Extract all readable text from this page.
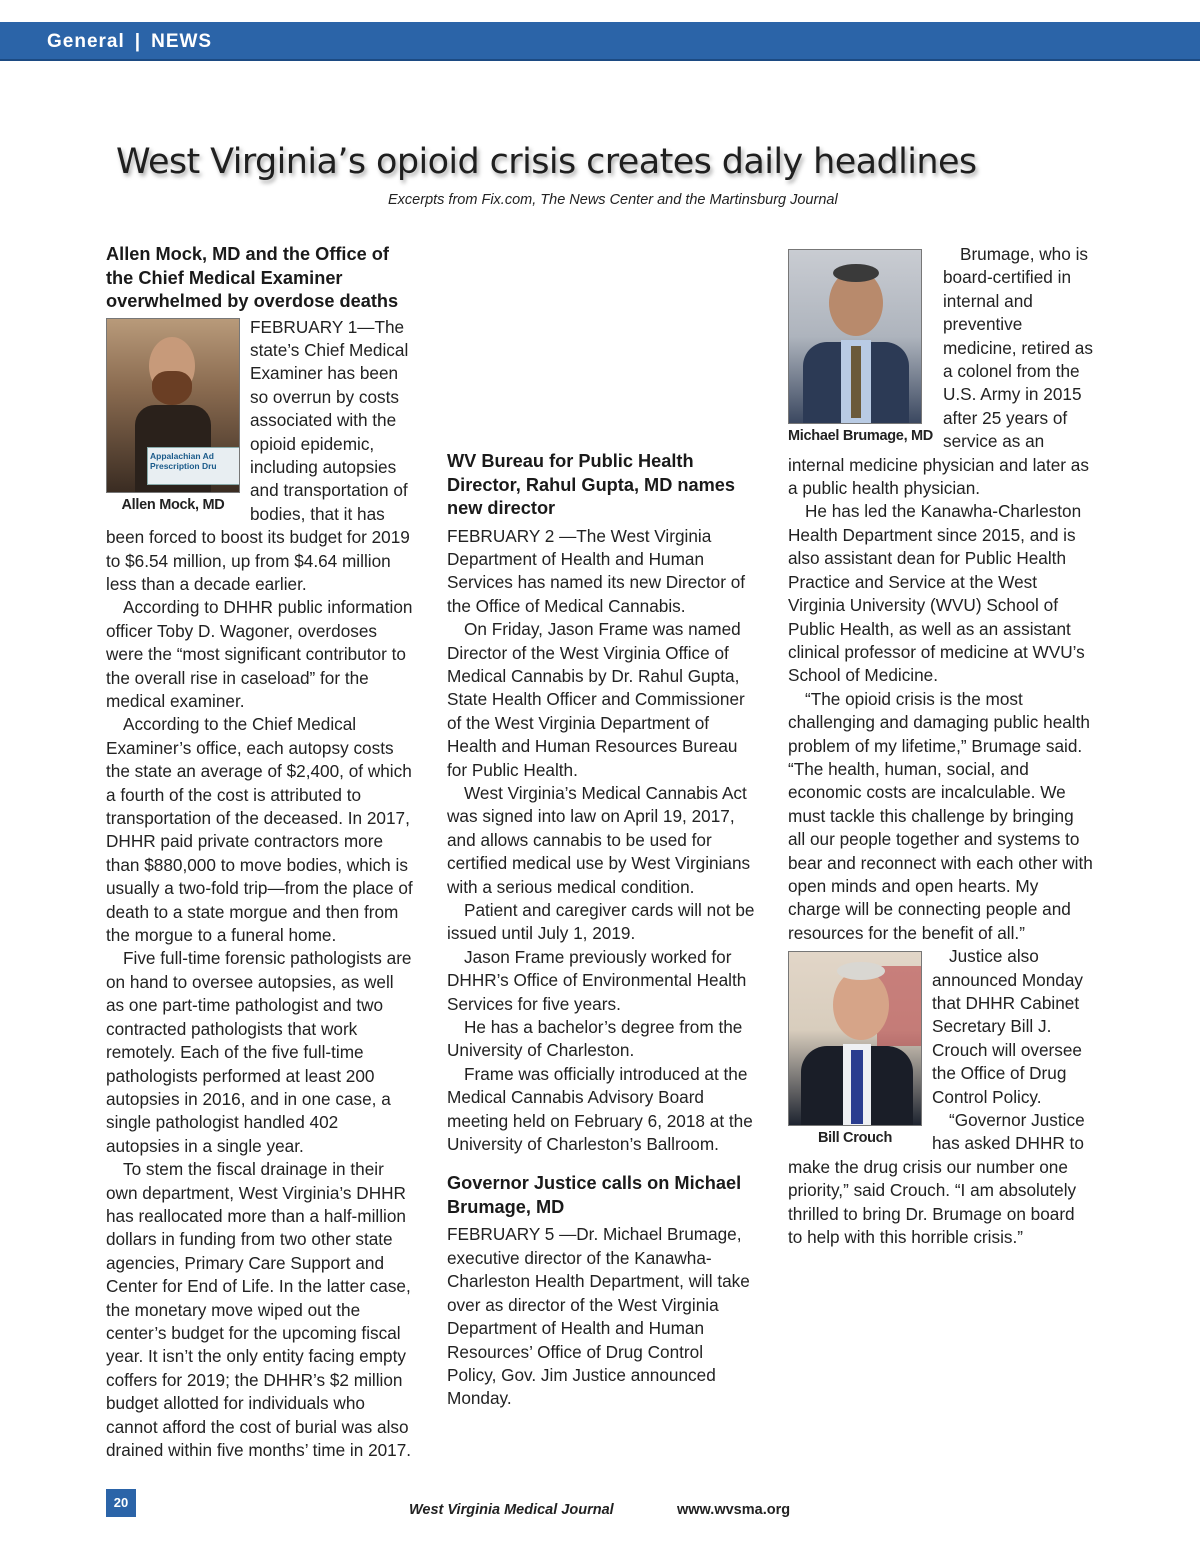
General | NEWS
West Virginia’s opioid crisis creates daily headlines
Excerpts from Fix.com, The News Center and the Martinsburg Journal
Allen Mock, MD and the Office of the Chief Medical Examiner overwhelmed by overdose deaths
Appalachian Ad Prescription Dru
Allen Mock, MD

FEBRUARY 1—The state’s Chief Medical Examiner has been so overrun by costs associated with the opioid epidemic, including autopsies and transportation of bodies, that it has been forced to boost its budget for 2019 to $6.54 million, up from $4.64 million less than a decade earlier.

According to DHHR public information officer Toby D. Wagoner, overdoses were the “most significant contributor to the overall rise in caseload” for the medical examiner.

According to the Chief Medical Examiner’s office, each autopsy costs the state an average of $2,400, of which a fourth of the cost is attributed to transportation of the deceased. In 2017, DHHR paid private contractors more than $880,000 to move bodies, which is usually a two-fold trip—from the place of death to a state morgue and then from the morgue to a funeral home.

Five full-time forensic pathologists are on hand to oversee autopsies, as well as one part-time pathologist and two contracted pathologists that work remotely. Each of the five full-time pathologists performed at least 200 autopsies in 2016, and in one case, a single pathologist handled 402 autopsies in a single year.

To stem the fiscal drainage in their own department, West Virginia’s DHHR has reallocated more than a half-million dollars in funding from two other state agencies, Primary Care Support and Center for End of Life. In the latter case, the monetary move wiped out the center’s budget for the upcoming fiscal year. It isn’t the only entity facing empty coffers for 2019; the DHHR’s $2 million budget allotted for individuals who cannot afford the cost of burial was also drained within five months’ time in 2017.

WV Bureau for Public Health Director, Rahul Gupta, MD names new director

FEBRUARY 2 —The West Virginia Department of Health and Human Services has named its new Director of the Office of Medical Cannabis.

On Friday, Jason Frame was named Director of the West Virginia Office of Medical Cannabis by Dr. Rahul Gupta, State Health Officer and Commissioner of the West Virginia Department of Health and Human Resources Bureau for Public Health.

West Virginia’s Medical Cannabis Act was signed into law on April 19, 2017, and allows cannabis to be used for certified medical use by West Virginians with a serious medical condition.

Patient and caregiver cards will not be issued until July 1, 2019.

Jason Frame previously worked for DHHR’s Office of Environmental Health Services for five years.

He has a bachelor’s degree from the University of Charleston.

Frame was officially introduced at the Medical Cannabis Advisory Board meeting held on February 6, 2018 at the University of Charleston’s Ballroom.

Governor Justice calls on Michael Brumage, MD

FEBRUARY 5 —Dr. Michael Brumage, executive director of the Kanawha-Charleston Health Department, will take over as director of the West Virginia Department of Health and Human Resources’ Office of Drug Control Policy, Gov. Jim Justice announced Monday.

Michael Brumage, MD

Brumage, who is board-certified in internal and preventive medicine, retired as a colonel from the U.S. Army in 2015 after 25 years of service as an internal medicine physician and later as a public health physician.

He has led the Kanawha-Charleston Health Department since 2015, and is also assistant dean for Public Health Practice and Service at the West Virginia University (WVU) School of Public Health, as well as an assistant clinical professor of medicine at WVU’s School of Medicine.

“The opioid crisis is the most challenging and damaging public health problem of my lifetime,” Brumage said. “The health, human, social, and economic costs are incalculable. We must tackle this challenge by bringing all our people together and systems to bear and reconnect with each other with open minds and open hearts. My charge will be connecting people and resources for the benefit of all.”

Bill Crouch

Justice also announced Monday that DHHR Cabinet Secretary Bill J. Crouch will oversee the Office of Drug Control Policy.

“Governor Justice has asked DHHR to make the drug crisis our number one priority,” said Crouch. “I am absolutely thrilled to bring Dr. Brumage on board to help with this horrible crisis.”

20	West Virginia Medical Journal	www.wvsma.org
